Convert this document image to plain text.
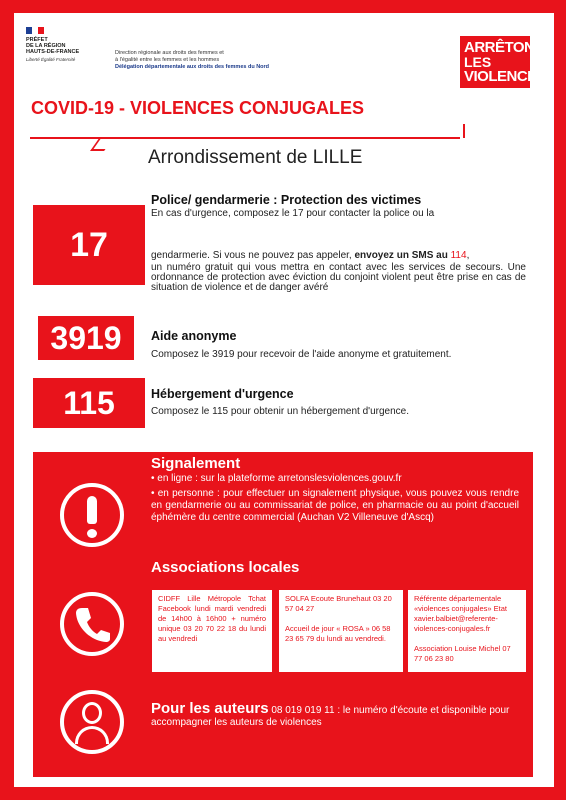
PRÉFET
DE LA RÉGION
HAUTS-DE-FRANCE
Liberté Égalité Fraternité
Direction régionale aux droits des femmes et
à l'égalité entre les femmes et les hommes
Délégation départementale aux droits des femmes du Nord
ARRÊTONS
LES
VIOLENCES
COVID-19 - VIOLENCES CONJUGALES
Arrondissement de LILLE
17
Police/ gendarmerie : Protection des victimes
En cas d'urgence, composez le 17 pour contacter la police ou la
gendarmerie. Si vous ne pouvez pas appeler, envoyez un SMS au 114,
un numéro gratuit qui vous mettra en contact avec les services de secours. Une ordonnance de protection avec éviction du conjoint violent peut être prise en cas de situation de violence et de danger avéré
3919	Aide anonyme
Composez le 3919 pour recevoir de l'aide anonyme et gratuitement.
115	Hébergement d'urgence
Composez le 115 pour obtenir un hébergement d'urgence.
Signalement
• en ligne : sur la plateforme arretonslesviolences.gouv.fr
• en personne : pour effectuer un signalement physique, vous pouvez vous rendre en gendarmerie ou au commissariat de police, en pharmacie ou au point d'accueil éphémère du centre commercial (Auchan V2 Villeneuve d'Ascq)
Associations locales
CIDFF Lille Métropole Tchat Facebook lundi mardi vendredi de 14h00 à 16h00 + numéro unique 03 20 70 22 18 du lundi au vendredi
SOLFA Ecoute Brunehaut 03 20 57 04 27

Accueil de jour « ROSA » 06 58 23 65 79 du lundi au vendredi.
Référente départementale «violences conjugales» Etat xavier.balbiet@referente-violences-conjugales.fr

Association Louise Michel 07 77 06 23 80
Pour les auteurs 08 019 019 11 : le numéro d'écoute et disponible pour accompagner les auteurs de violences
